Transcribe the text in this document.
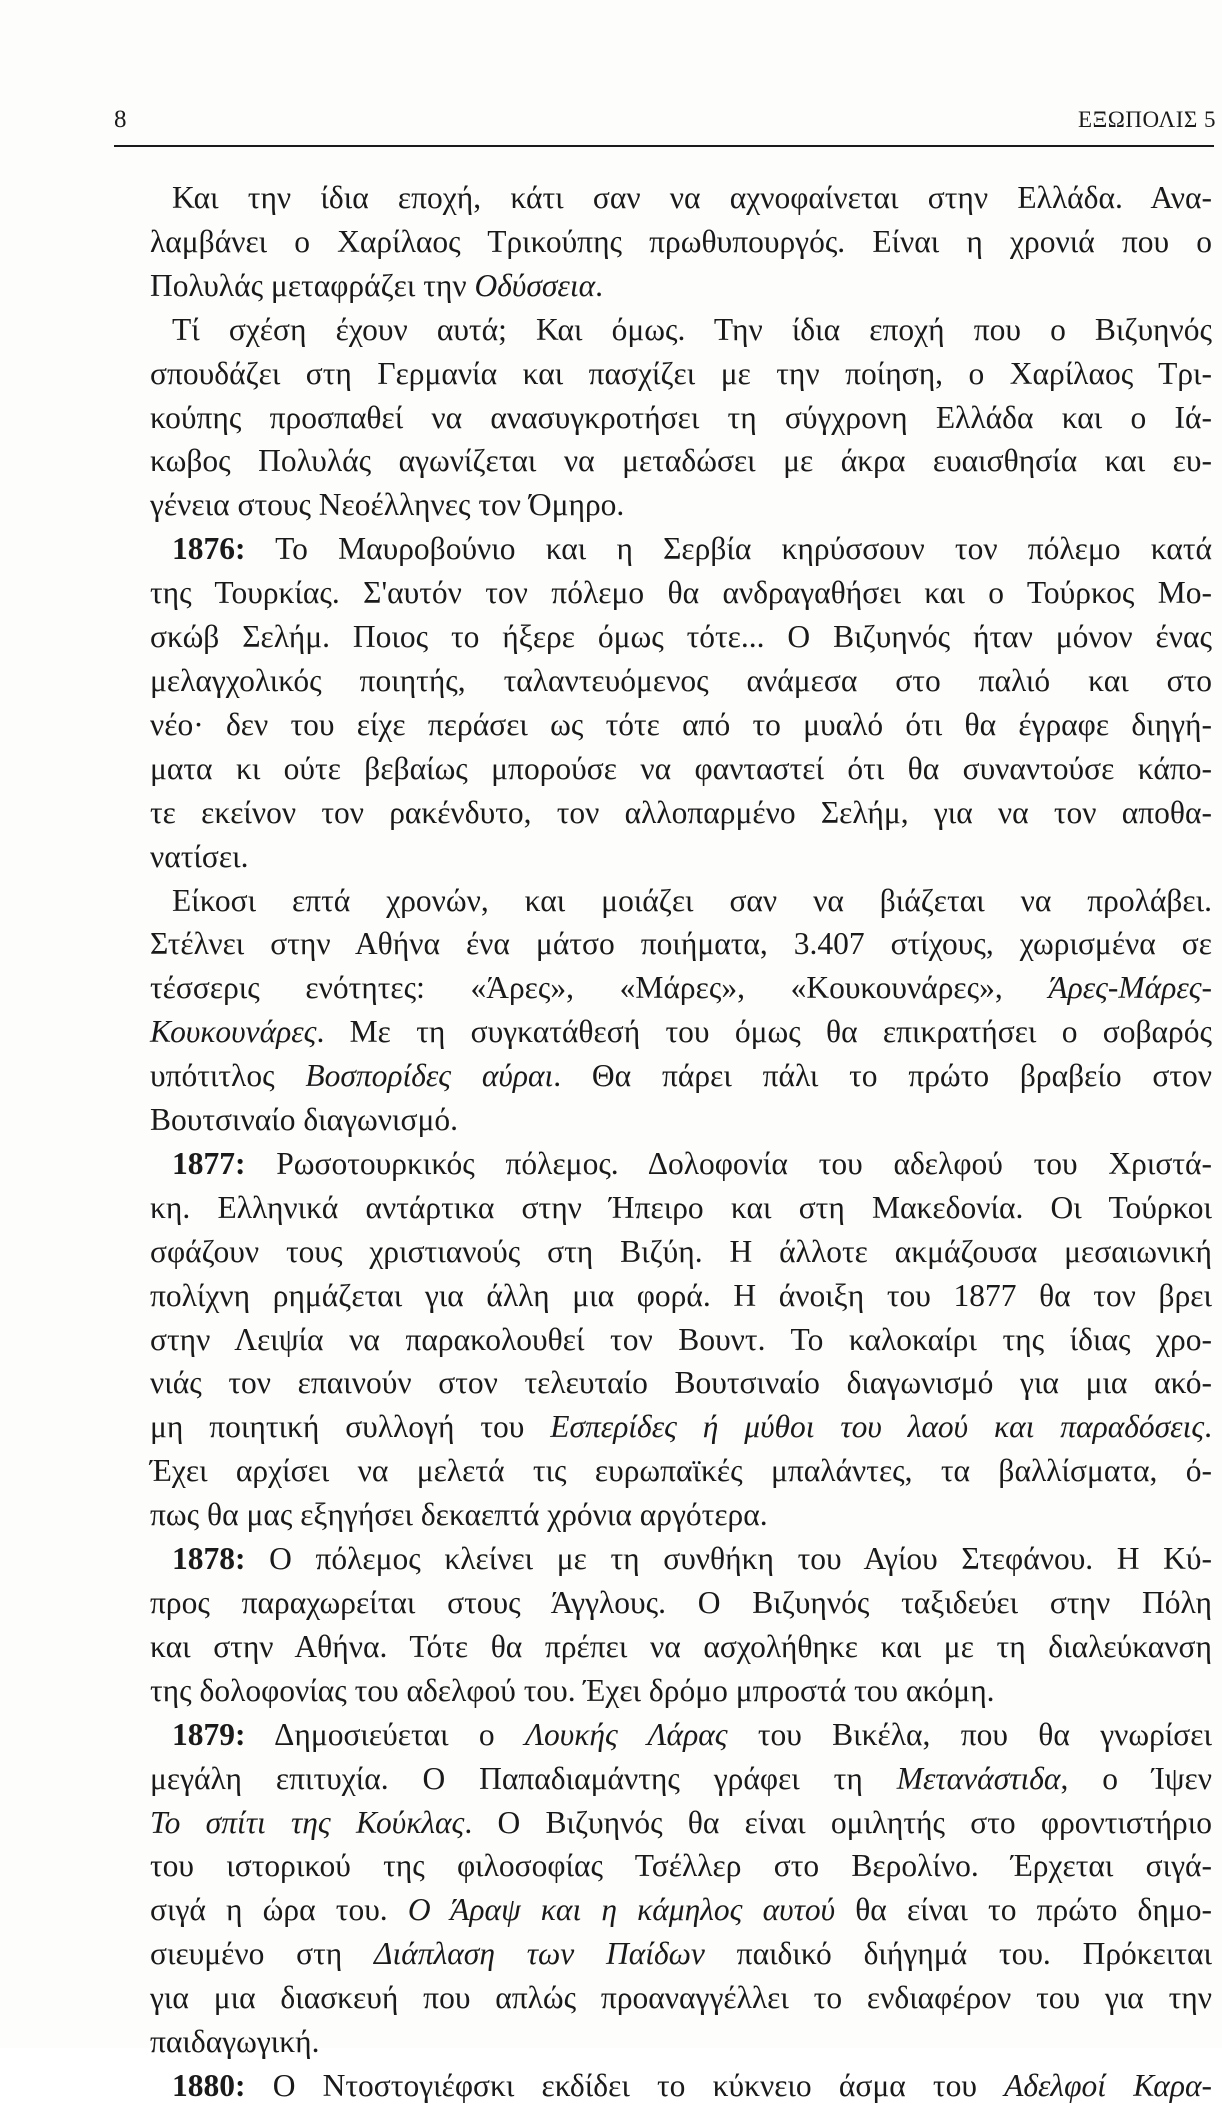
8	ΕΞΩΠΟΛΙΣ 5
Και την ίδια εποχή, κάτι σαν να αχνοφαίνεται στην Ελλάδα. Ανα-
λαμβάνει ο Χαρίλαος Τρικούπης πρωθυπουργός. Είναι η χρονιά που ο
Πολυλάς μεταφράζει την Οδύσσεια.
Τί σχέση έχουν αυτά; Και όμως. Την ίδια εποχή που ο Βιζυηνός
σπουδάζει στη Γερμανία και πασχίζει με την ποίηση, ο Χαρίλαος Τρι-
κούπης προσπαθεί να ανασυγκροτήσει τη σύγχρονη Ελλάδα και ο Ιά-
κωβος Πολυλάς αγωνίζεται να μεταδώσει με άκρα ευαισθησία και ευ-
γένεια στους Νεοέλληνες τον Όμηρο.
1876: Το Μαυροβούνιο και η Σερβία κηρύσσουν τον πόλεμο κατά
της Τουρκίας. Σ'αυτόν τον πόλεμο θα ανδραγαθήσει και ο Τούρκος Μο-
σκώβ Σελήμ. Ποιος το ήξερε όμως τότε... Ο Βιζυηνός ήταν μόνον ένας
μελαγχολικός ποιητής, ταλαντευόμενος ανάμεσα στο παλιό και στο
νέο· δεν του είχε περάσει ως τότε από το μυαλό ότι θα έγραφε διηγή-
ματα κι ούτε βεβαίως μπορούσε να φανταστεί ότι θα συναντούσε κάπο-
τε εκείνον τον ρακένδυτο, τον αλλοπαρμένο Σελήμ, για να τον αποθα-
νατίσει.
Είκοσι επτά χρονών, και μοιάζει σαν να βιάζεται να προλάβει.
Στέλνει στην Αθήνα ένα μάτσο ποιήματα, 3.407 στίχους, χωρισμένα σε
τέσσερις ενότητες: «Άρες», «Μάρες», «Κουκουνάρες», Άρες-Μάρες-
Κουκουνάρες. Με τη συγκατάθεσή του όμως θα επικρατήσει ο σοβαρός
υπότιτλος Βοσπορίδες αύραι. Θα πάρει πάλι το πρώτο βραβείο στον
Βουτσιναίο διαγωνισμό.
1877: Ρωσοτουρκικός πόλεμος. Δολοφονία του αδελφού του Χριστά-
κη. Ελληνικά αντάρτικα στην Ήπειρο και στη Μακεδονία. Οι Τούρκοι
σφάζουν τους χριστιανούς στη Βιζύη. Η άλλοτε ακμάζουσα μεσαιωνική
πολίχνη ρημάζεται για άλλη μια φορά. Η άνοιξη του 1877 θα τον βρει
στην Λειψία να παρακολουθεί τον Βουντ. Το καλοκαίρι της ίδιας χρο-
νιάς τον επαινούν στον τελευταίο Βουτσιναίο διαγωνισμό για μια ακό-
μη ποιητική συλλογή του Εσπερίδες ή μύθοι του λαού και παραδόσεις.
Έχει αρχίσει να μελετά τις ευρωπαϊκές μπαλάντες, τα βαλλίσματα, ό-
πως θα μας εξηγήσει δεκαεπτά χρόνια αργότερα.
1878: Ο πόλεμος κλείνει με τη συνθήκη του Αγίου Στεφάνου. Η Κύ-
προς παραχωρείται στους Άγγλους. Ο Βιζυηνός ταξιδεύει στην Πόλη
και στην Αθήνα. Τότε θα πρέπει να ασχολήθηκε και με τη διαλεύκανση
της δολοφονίας του αδελφού του. Έχει δρόμο μπροστά του ακόμη.
1879: Δημοσιεύεται ο Λουκής Λάρας του Βικέλα, που θα γνωρίσει
μεγάλη επιτυχία. Ο Παπαδιαμάντης γράφει τη Μετανάστιδα, ο Ίψεν
Το σπίτι της Κούκλας. Ο Βιζυηνός θα είναι ομιλητής στο φροντιστήριο
του ιστορικού της φιλοσοφίας Τσέλλερ στο Βερολίνο. Έρχεται σιγά-
σιγά η ώρα του. Ο Άραψ και η κάμηλος αυτού θα είναι το πρώτο δημο-
σιευμένο στη Διάπλαση των Παίδων παιδικό διήγημά του. Πρόκειται
για μια διασκευή που απλώς προαναγγέλλει το ενδιαφέρον του για την
παιδαγωγική.
1880: Ο Ντοστογιέφσκι εκδίδει το κύκνειο άσμα του Αδελφοί Καρα-
